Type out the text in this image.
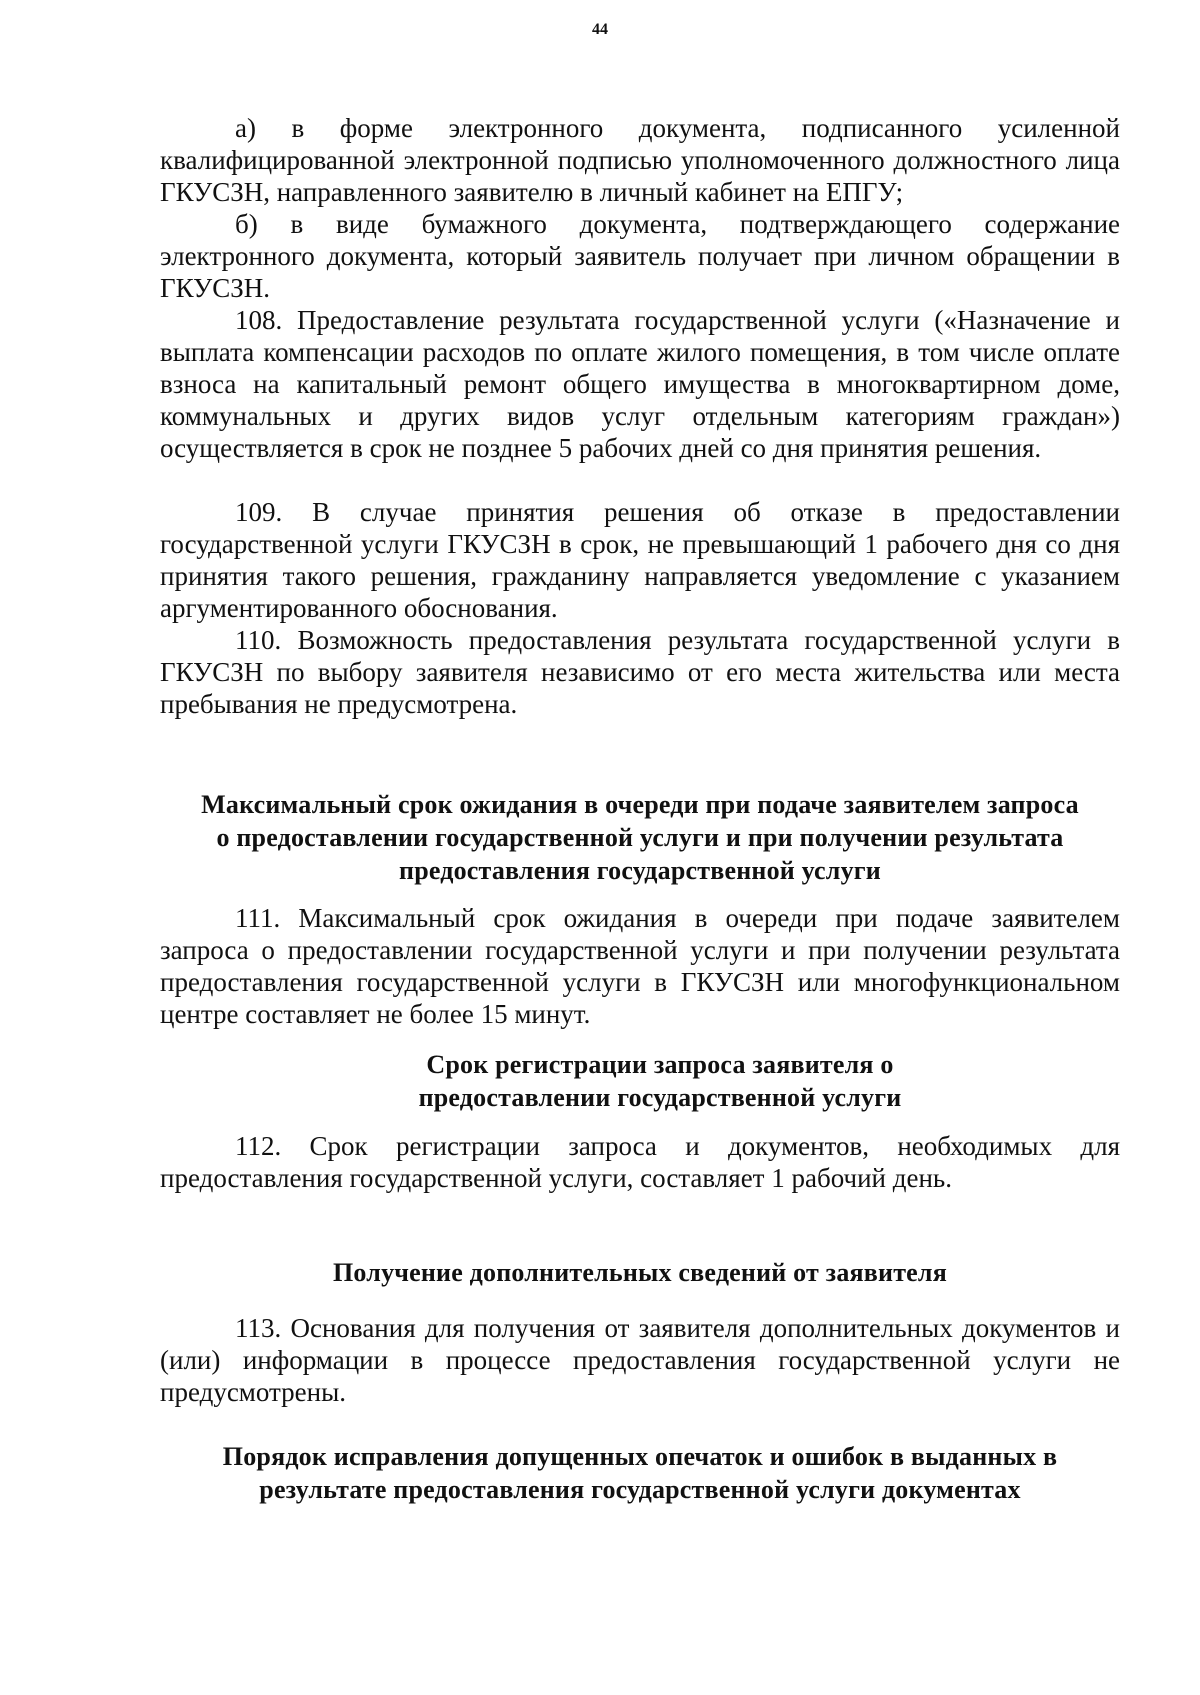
44

а) в форме электронного документа, подписанного усиленной квалифицированной электронной подписью уполномоченного должностного лица ГКУСЗН, направленного заявителю в личный кабинет на ЕПГУ;

б) в виде бумажного документа, подтверждающего содержание электронного документа, который заявитель получает при личном обращении в ГКУСЗН.

108. Предоставление результата государственной услуги («Назначение и выплата компенсации расходов по оплате жилого помещения, в том числе оплате взноса на капитальный ремонт общего имущества в многоквартирном доме, коммунальных и других видов услуг отдельным категориям граждан») осуществляется в срок не позднее 5 рабочих дней со дня принятия решения.

109. В случае принятия решения об отказе в предоставлении государственной услуги ГКУСЗН в срок, не превышающий 1 рабочего дня со дня принятия такого решения, гражданину направляется уведомление с указанием аргументированного обоснования.

110. Возможность предоставления результата государственной услуги в ГКУСЗН по выбору заявителя независимо от его места жительства или места пребывания не предусмотрена.

Максимальный срок ожидания в очереди при подаче заявителем запроса о предоставлении государственной услуги и при получении результата предоставления государственной услуги

111. Максимальный срок ожидания в очереди при подаче заявителем запроса о предоставлении государственной услуги и при получении результата предоставления государственной услуги в ГКУСЗН или многофункциональном центре составляет не более 15 минут.

Срок регистрации запроса заявителя о предоставлении государственной услуги

112. Срок регистрации запроса и документов, необходимых для предоставления государственной услуги, составляет 1 рабочий день.

Получение дополнительных сведений от заявителя

113. Основания для получения от заявителя дополнительных документов и (или) информации в процессе предоставления государственной услуги не предусмотрены.

Порядок исправления допущенных опечаток и ошибок в выданных в результате предоставления государственной услуги документах
